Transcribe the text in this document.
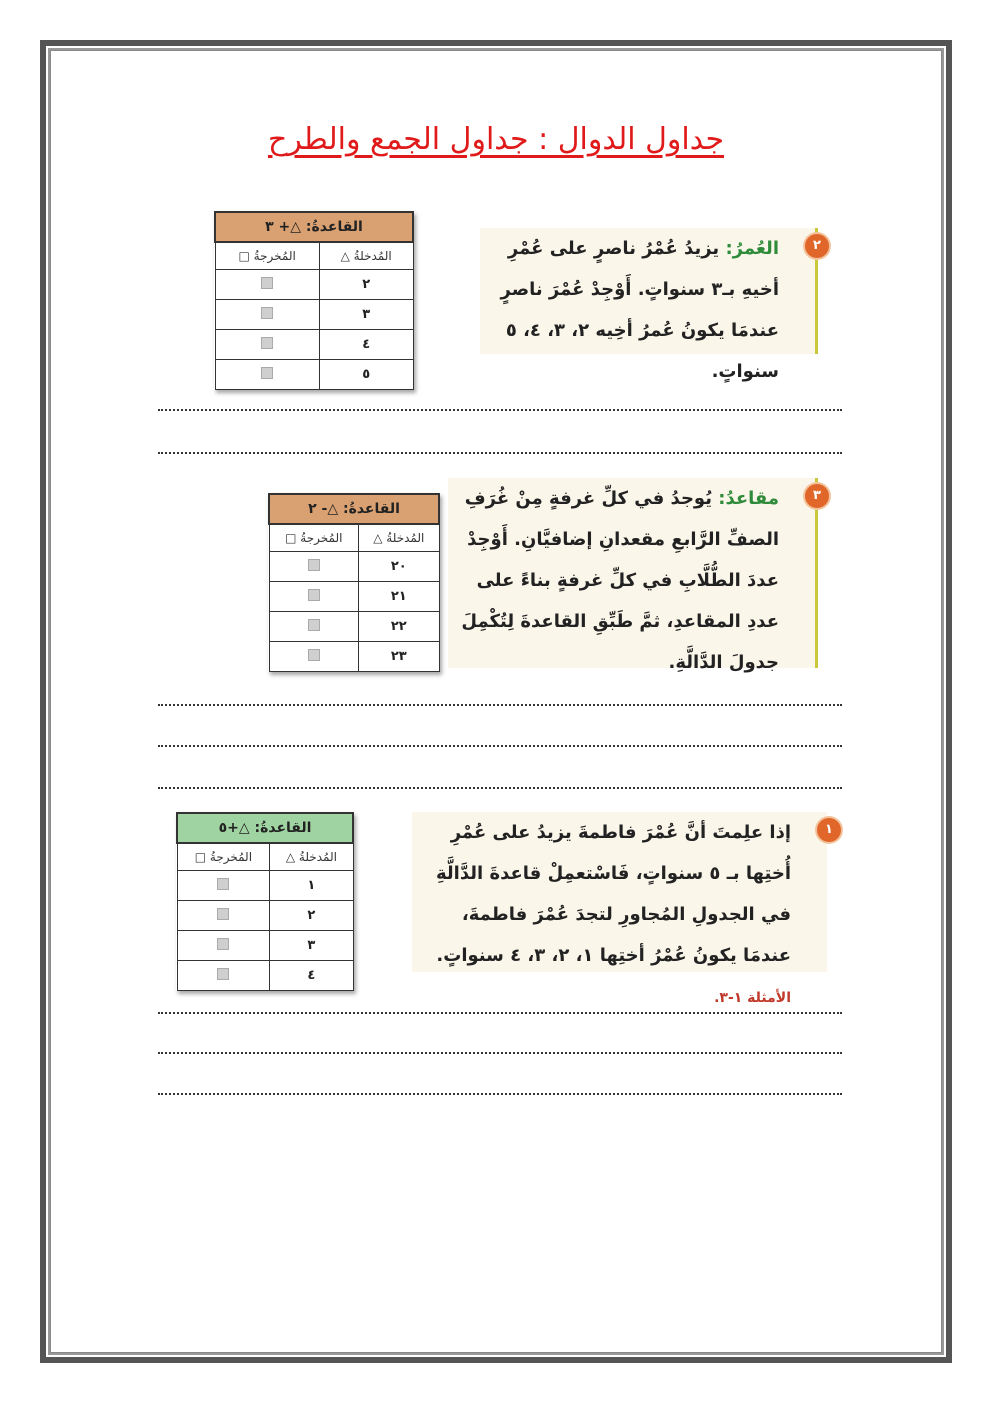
جداول الدوال : جداول الجمع والطرح
٢
العُمرُ: يزيدُ عُمْرُ ناصرٍ على عُمْرِ أخيهِ بـ٣ سنواتٍ. أَوْجِدْ عُمْرَ ناصرٍ عندمَا يكونُ عُمرُ أخِيه ٢، ٣، ٤، ٥ سنواتٍ.
القاعدةُ: △+ ٣	
المُدخلةُ △	المُخرجةُ □
٢	
٣	
٤	
٥	
٣
مقاعدُ: يُوجدُ في كلِّ غرفةٍ مِنْ غُرَفِ الصفِّ الرَّابعِ مقعدانِ إضافيَّانِ. أَوْجِدْ عددَ الطُّلَّابِ في كلِّ غرفةٍ بناءً على عددِ المقاعدِ، ثمَّ طَبِّقِ القاعدةَ لِتُكْمِلَ جدولَ الدَّالَّةِ.
القاعدةُ: △- ٢	
المُدخلةُ △	المُخرجةُ □
٢٠	
٢١	
٢٢	
٢٣	
١
إذا علِمتَ أنَّ عُمْرَ فاطمةَ يزيدُ على عُمْرِ أُختِها بـ ٥ سنواتٍ، فَاسْتعمِلْ قاعدةَ الدَّالَّةِ في الجدولِ المُجاورِ لتجدَ عُمْرَ فاطمةَ، عندمَا يكونُ عُمْرُ أختِها ١، ٢، ٣، ٤ سنواتٍ. الأمثلة ١-٣.
القاعدةُ: △+٥	
المُدخلةُ △	المُخرجةُ □
١	
٢	
٣	
٤	
